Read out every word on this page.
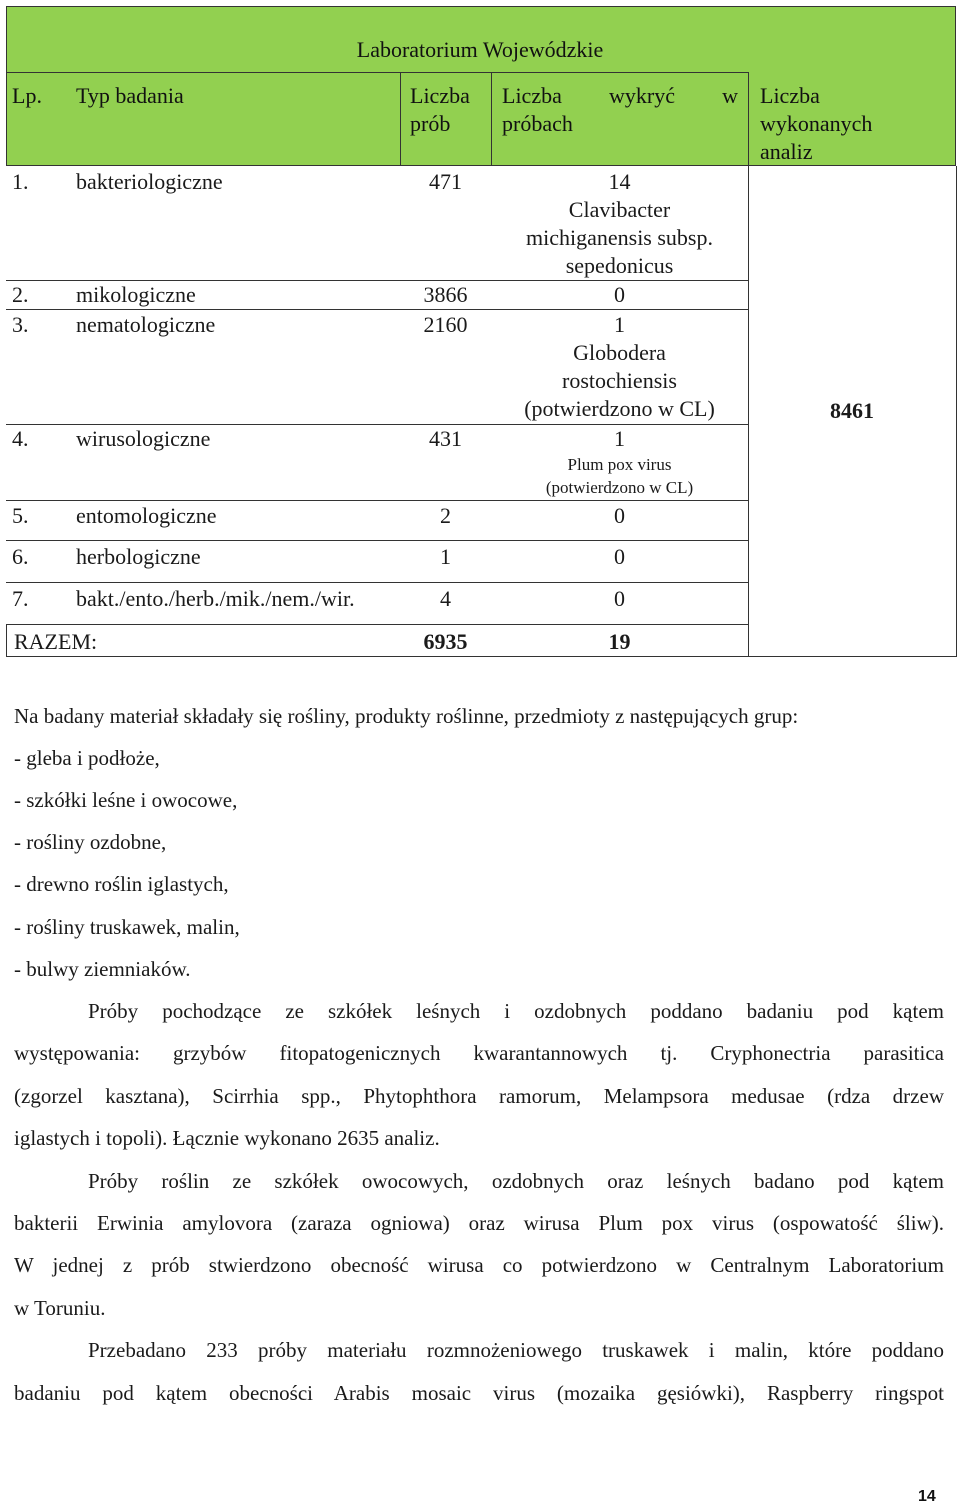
Laboratorium Wojewódzkie
Lp. Typ badania	Liczba
prób
Liczba wykryć w
próbach
Liczba
wykonanych
analiz
1. bakteriologiczne	471	14
Clavibacter
michiganensis subsp.
sepedonicus
2. mikologiczne	3866	0
3. nematologiczne	2160	1
Globodera
rostochiensis
(potwierdzono w CL)
4. wirusologiczne	431	1
Plum pox virus
(potwierdzono w CL)
5. entomologiczne	2	0
6. herbologiczne	1	0
7. bakt./ento./herb./mik./nem./wir.	4	0
RAZEM:	6935	19
8461
Na badany materiał składały się rośliny, produkty roślinne, przedmioty z następujących grup:
- gleba i podłoże,
- szkółki leśne i owocowe,
- rośliny ozdobne,
- drewno roślin iglastych,
- rośliny truskawek, malin,
- bulwy ziemniaków.
Próby pochodzące ze szkółek leśnych i ozdobnych poddano badaniu pod kątem
występowania: grzybów fitopatogenicznych kwarantannowych tj. Cryphonectria parasitica
(zgorzel kasztana), Scirrhia spp., Phytophthora ramorum, Melampsora medusae (rdza drzew
iglastych i topoli). Łącznie wykonano 2635 analiz.
Próby roślin ze szkółek owocowych, ozdobnych oraz leśnych badano pod kątem
bakterii Erwinia amylovora (zaraza ogniowa) oraz wirusa Plum pox virus (ospowatość śliw).
W jednej z prób stwierdzono obecność wirusa co potwierdzono w Centralnym Laboratorium
w Toruniu.
Przebadano 233 próby materiału rozmnożeniowego truskawek i malin, które poddano
badaniu pod kątem obecności Arabis mosaic virus (mozaika gęsiówki), Raspberry ringspot
14
